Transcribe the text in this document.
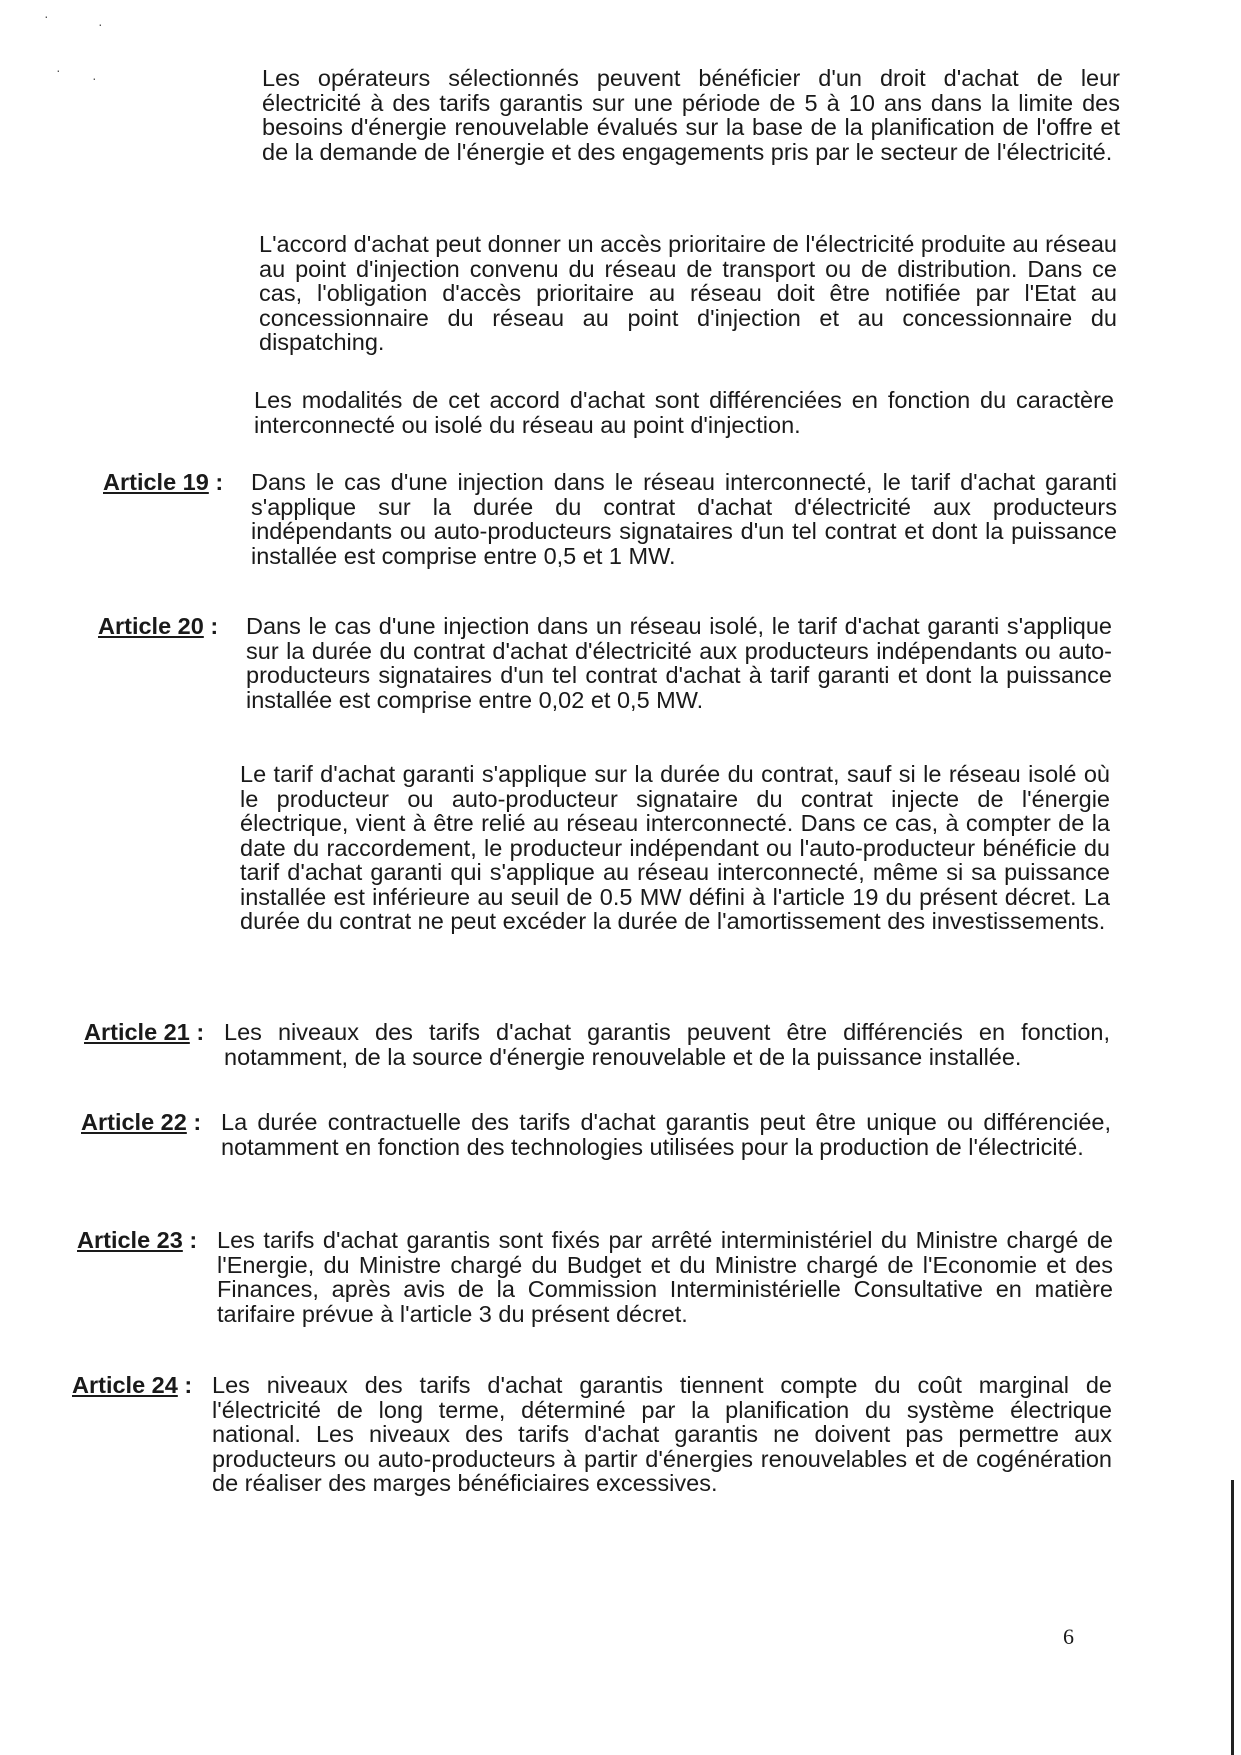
·	·
· ·	Les opérateurs sélectionnés peuvent bénéficier d'un droit d'achat de leur électricité à des tarifs garantis sur une période de 5 à 10 ans dans la limite des besoins d'énergie renouvelable évalués sur la base de la planification de l'offre et de la demande de l'énergie et des engagements pris par le secteur de l'électricité.
L'accord d'achat peut donner un accès prioritaire de l'électricité produite au réseau au point d'injection convenu du réseau de transport ou de distribution. Dans ce cas, l'obligation d'accès prioritaire au réseau doit être notifiée par l'Etat au concessionnaire du réseau au point d'injection et au concessionnaire du dispatching.
Les modalités de cet accord d'achat sont différenciées en fonction du caractère interconnecté ou isolé du réseau au point d'injection.
Article 19 : Dans le cas d'une injection dans le réseau interconnecté, le tarif d'achat garanti s'applique sur la durée du contrat d'achat d'électricité aux producteurs indépendants ou auto-producteurs signataires d'un tel contrat et dont la puissance installée est comprise entre 0,5 et 1 MW.
Article 20 : Dans le cas d'une injection dans un réseau isolé, le tarif d'achat garanti s'applique sur la durée du contrat d'achat d'électricité aux producteurs indépendants ou auto-producteurs signataires d'un tel contrat d'achat à tarif garanti et dont la puissance installée est comprise entre 0,02 et 0,5 MW.
Le tarif d'achat garanti s'applique sur la durée du contrat, sauf si le réseau isolé où le producteur ou auto-producteur signataire du contrat injecte de l'énergie électrique, vient à être relié au réseau interconnecté. Dans ce cas, à compter de la date du raccordement, le producteur indépendant ou l'auto-producteur bénéficie du tarif d'achat garanti qui s'applique au réseau interconnecté, même si sa puissance installée est inférieure au seuil de 0.5 MW défini à l'article 19 du présent décret. La durée du contrat ne peut excéder la durée de l'amortissement des investissements.
Article 21 : Les niveaux des tarifs d'achat garantis peuvent être différenciés en fonction, notamment, de la source d'énergie renouvelable et de la puissance installée.
Article 22 : La durée contractuelle des tarifs d'achat garantis peut être unique ou différenciée, notamment en fonction des technologies utilisées pour la production de l'électricité.
Article 23 : Les tarifs d'achat garantis sont fixés par arrêté interministériel du Ministre chargé de l'Energie, du Ministre chargé du Budget et du Ministre chargé de l'Economie et des Finances, après avis de la Commission Interministérielle Consultative en matière tarifaire prévue à l'article 3 du présent décret.
Article 24 : Les niveaux des tarifs d'achat garantis tiennent compte du coût marginal de l'électricité de long terme, déterminé par la planification du système électrique national. Les niveaux des tarifs d'achat garantis ne doivent pas permettre aux producteurs ou auto-producteurs à partir d'énergies renouvelables et de cogénération de réaliser des marges bénéficiaires excessives.
6
